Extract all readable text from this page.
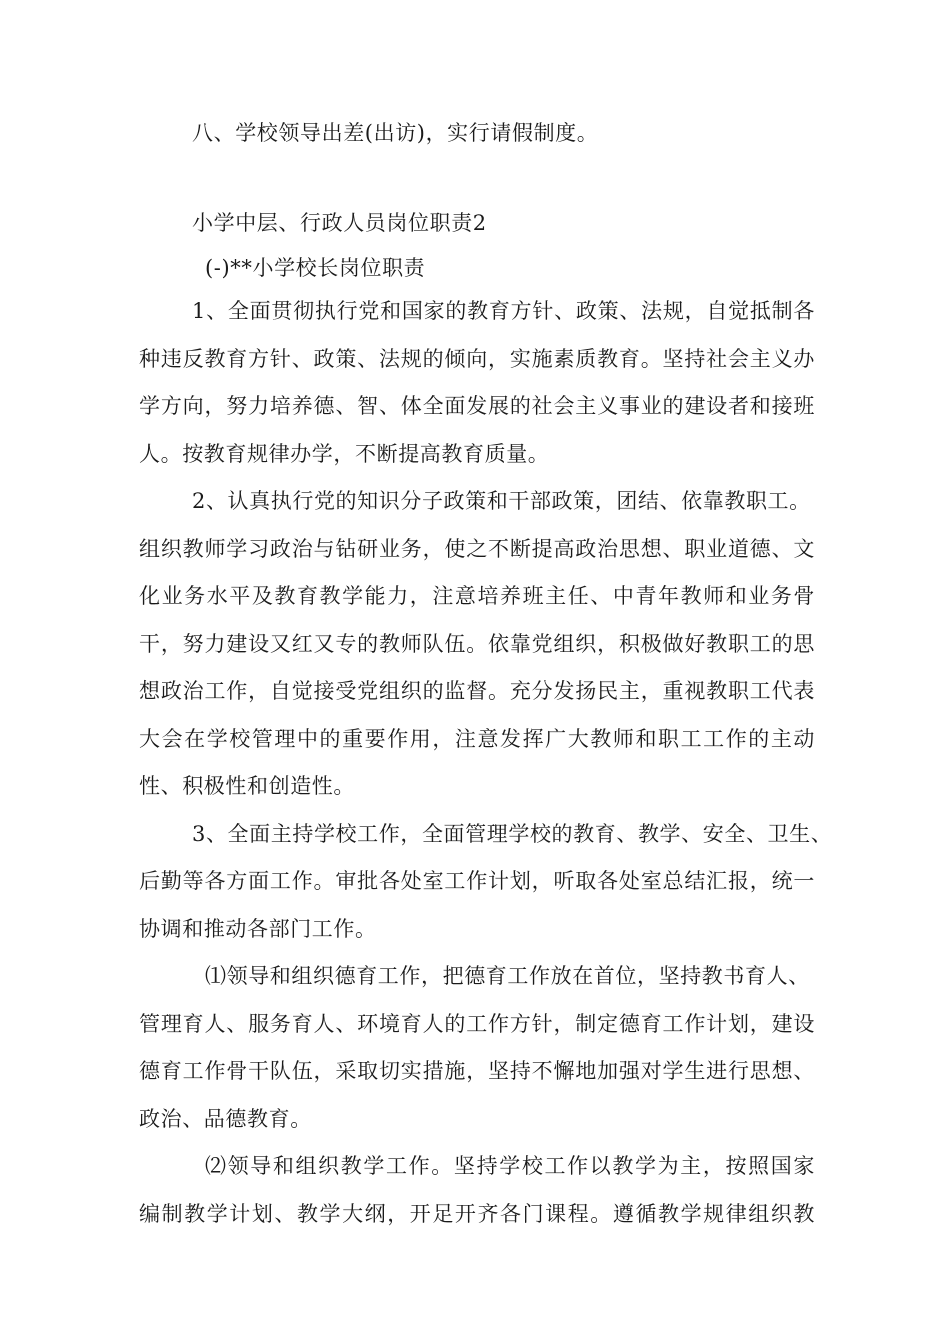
八、学校领导出差(出访)，实行请假制度。
小学中层、行政人员岗位职责2
(-)**小学校长岗位职责
1、全面贯彻执行党和国家的教育方针、政策、法规，自觉抵制各
种违反教育方针、政策、法规的倾向，实施素质教育。坚持社会主义办
学方向，努力培养德、智、体全面发展的社会主义事业的建设者和接班
人。按教育规律办学，不断提高教育质量。
2、认真执行党的知识分子政策和干部政策，团结、依靠教职工。
组织教师学习政治与钻研业务，使之不断提高政治思想、职业道德、文
化业务水平及教育教学能力，注意培养班主任、中青年教师和业务骨
干，努力建设又红又专的教师队伍。依靠党组织，积极做好教职工的思
想政治工作，自觉接受党组织的监督。充分发扬民主，重视教职工代表
大会在学校管理中的重要作用，注意发挥广大教师和职工工作的主动
性、积极性和创造性。
3、全面主持学校工作，全面管理学校的教育、教学、安全、卫生、
后勤等各方面工作。审批各处室工作计划，听取各处室总结汇报，统一
协调和推动各部门工作。
⑴领导和组织德育工作，把德育工作放在首位，坚持教书育人、
管理育人、服务育人、环境育人的工作方针，制定德育工作计划，建设
德育工作骨干队伍，采取切实措施，坚持不懈地加强对学生进行思想、
政治、品德教育。
⑵领导和组织教学工作。坚持学校工作以教学为主，按照国家
编制教学计划、教学大纲，开足开齐各门课程。遵循教学规律组织教
